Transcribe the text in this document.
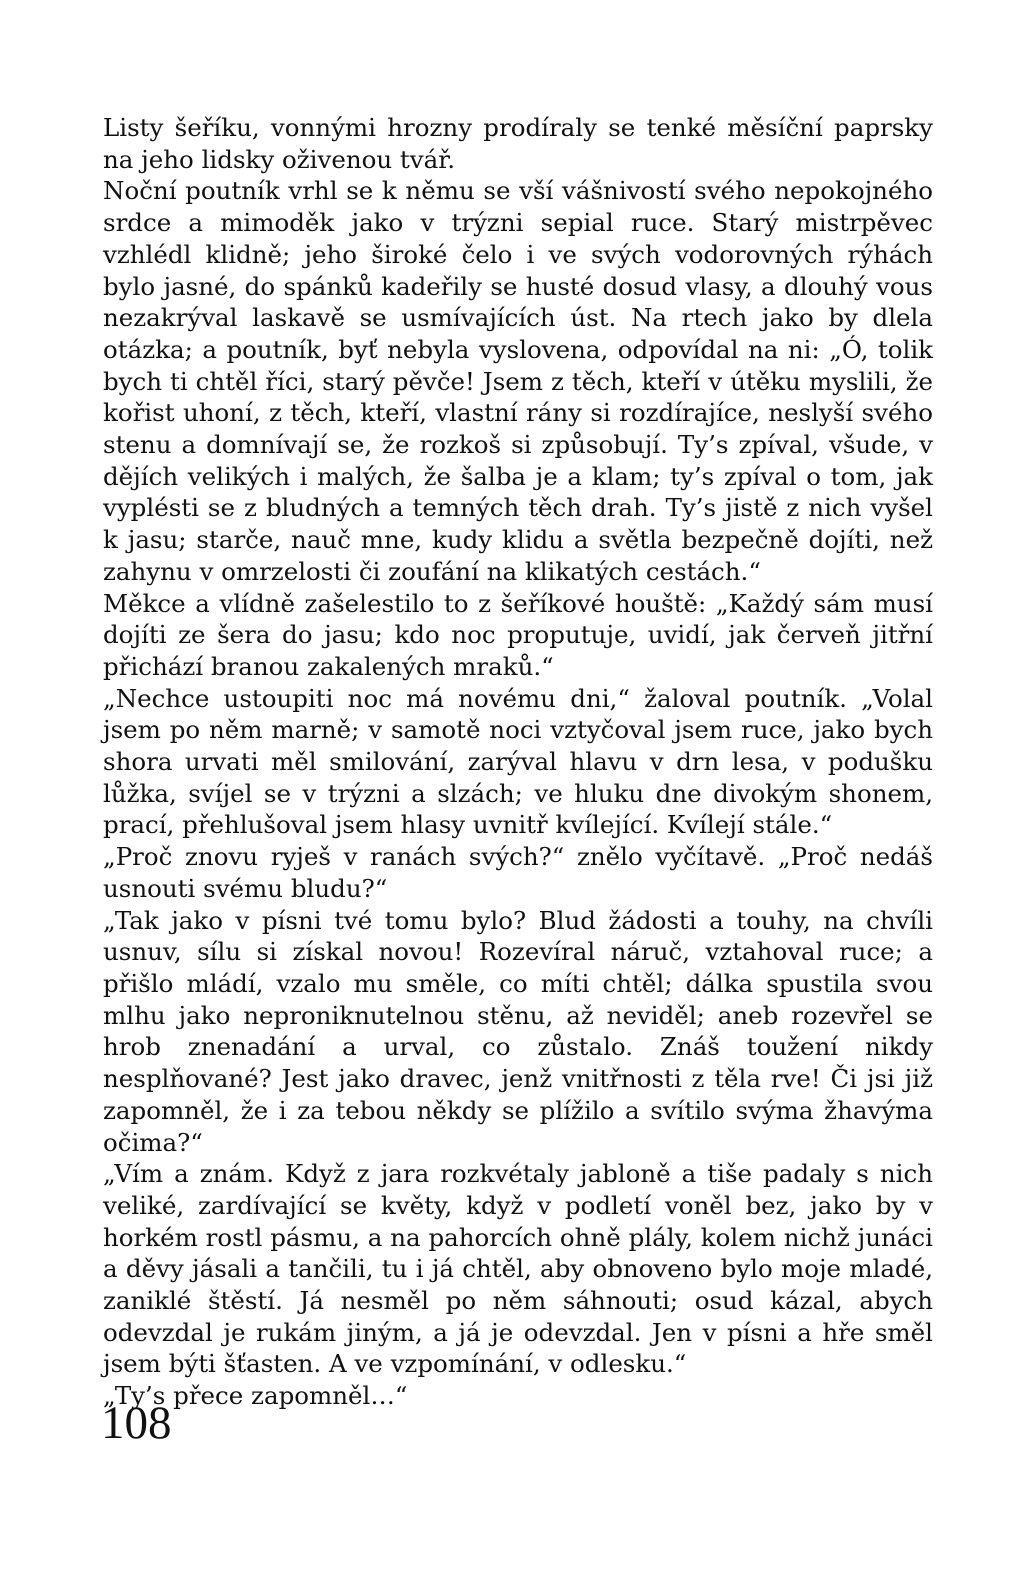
Listy šeříku, vonnými hrozny prodíraly se tenké měsíční paprsky na jeho lidsky oživenou tvář.

Noční poutník vrhl se k němu se vší vášnivostí svého nepokojného srdce a mimoděk jako v trýzni sepial ruce. Starý mistrpěvec vzhlédl klidně; jeho široké čelo i ve svých vodorovných rýhách bylo jasné, do spánků kadeřily se husté dosud vlasy, a dlouhý vous nezakrýval laskavě se usmívajících úst. Na rtech jako by dlela otázka; a poutník, byť nebyla vyslovena, odpovídal na ni: „Ó, tolik bych ti chtěl říci, starý pěvče! Jsem z těch, kteří v útěku myslili, že kořist uhoní, z těch, kteří, vlastní rány si rozdírajíce, neslyší svého stenu a domnívají se, že rozkoš si způsobují. Ty’s zpíval, všude, v dějích velikých i malých, že šalba je a klam; ty’s zpíval o tom, jak vyplésti se z bludných a temných těch drah. Ty’s jistě z nich vyšel k jasu; starče, nauč mne, kudy klidu a světla bezpečně dojíti, než zahynu v omrzelosti či zoufání na klikatých cestách.“

Měkce a vlídně zašelestilo to z šeříkové houště: „Každý sám musí dojíti ze šera do jasu; kdo noc proputuje, uvidí, jak červeň jitřní přichází branou zakalených mraků.“

„Nechce ustoupiti noc má novému dni,“ žaloval poutník. „Volal jsem po něm marně; v samotě noci vztyčoval jsem ruce, jako bych shora urvati měl smilování, zarýval hlavu v drn lesa, v podušku lůžka, svíjel se v trýzni a slzách; ve hluku dne divokým shonem, prací, přehlušoval jsem hlasy uvnitř kvílející. Kvílejí stále.“

„Proč znovu ryješ v ranách svých?“ znělo vyčítavě. „Proč nedáš usnouti svému bludu?“

„Tak jako v písni tvé tomu bylo? Blud žádosti a touhy, na chvíli usnuv, sílu si získal novou! Rozevíral náruč, vztahoval ruce; a přišlo mládí, vzalo mu směle, co míti chtěl; dálka spustila svou mlhu jako neproniknutelnou stěnu, až neviděl; aneb rozevřel se hrob znenadání a urval, co zůstalo. Znáš toužení nikdy nesplňované? Jest jako dravec, jenž vnitřnosti z těla rve! Či jsi již zapomněl, že i za tebou někdy se plížilo a svítilo svýma žhavýma očima?“

„Vím a znám. Když z jara rozkvétaly jabloně a tiše padaly s nich veliké, zardívající se květy, když v podletí voněl bez, jako by v horkém rostl pásmu, a na pahorcích ohně plály, kolem nichž junáci a děvy jásali a tančili, tu i já chtěl, aby obnoveno bylo moje mladé, zaniklé štěstí. Já nesměl po něm sáhnouti; osud kázal, abych odevzdal je rukám jiným, a já je odevzdal. Jen v písni a hře směl jsem býti šťasten. A ve vzpomínání, v odlesku.“

„Ty’s přece zapomněl…“

108
